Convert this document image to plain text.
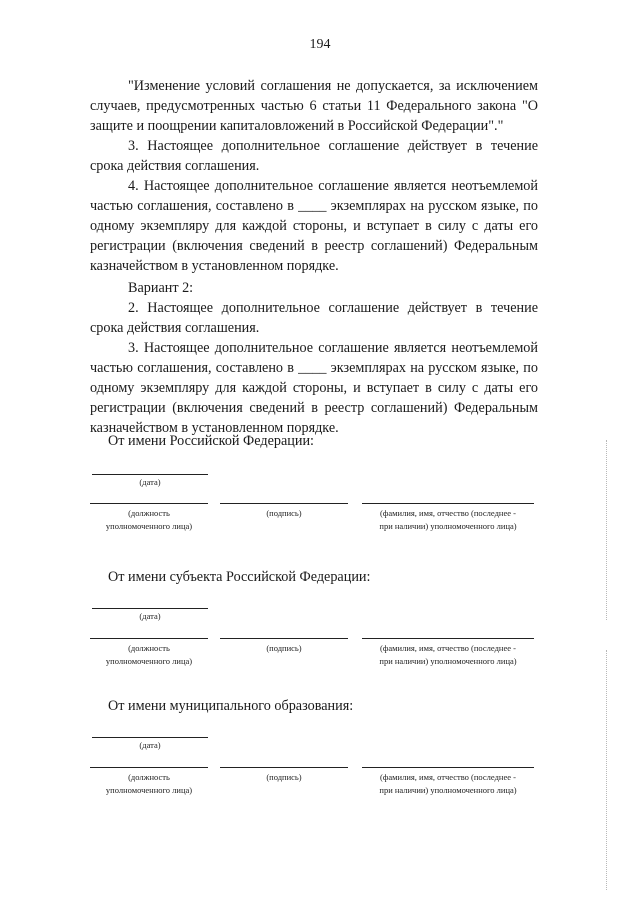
194

"Изменение условий соглашения не допускается, за исключением случаев, предусмотренных частью 6 статьи 11 Федерального закона "О защите и поощрении капиталовложений в Российской Федерации"."

3. Настоящее дополнительное соглашение действует в течение срока действия соглашения.

4. Настоящее дополнительное соглашение является неотъемлемой частью соглашения, составлено в ____ экземплярах на русском языке, по одному экземпляру для каждой стороны, и вступает в силу с даты его регистрации (включения сведений в реестр соглашений) Федеральным казначейством в установленном порядке.

Вариант 2:

2. Настоящее дополнительное соглашение действует в течение срока действия соглашения.

3. Настоящее дополнительное соглашение является неотъемлемой частью соглашения, составлено в ____ экземплярах на русском языке, по одному экземпляру для каждой стороны, и вступает в силу с даты его регистрации (включения сведений в реестр соглашений) Федеральным казначейством в установленном порядке.

От имени Российской Федерации:
(дата)
(должность уполномоченного лица)
(подпись)	(фамилия, имя, отчество (последнее - при наличии) уполномоченного лица)
От имени субъекта Российской Федерации:
(дата)
(должность уполномоченного лица)
(подпись)	(фамилия, имя, отчество (последнее - при наличии) уполномоченного лица)
От имени муниципального образования:
(дата)
(должность уполномоченного лица)
(подпись)	(фамилия, имя, отчество (последнее - при наличии) уполномоченного лица)
